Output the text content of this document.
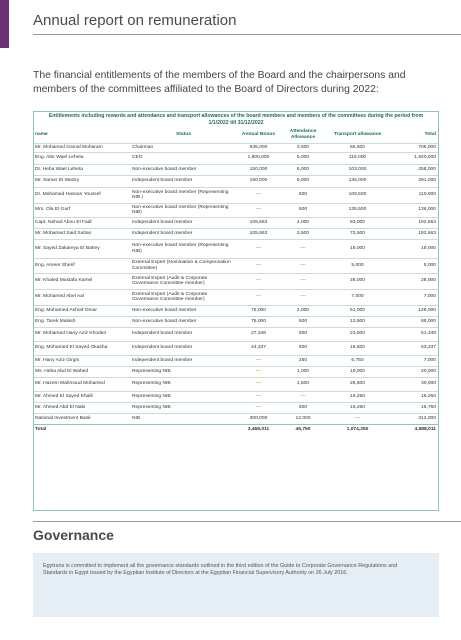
Annual report on remuneration

The financial entitlements of the members of the Board and the chairpersons and members of the committees affiliated to the Board of Directors during 2022:

Entitlements including rewards and attendance and transport allowances of the board members and members of the committees during the period from 1/1/2022 till 31/12/2022
name	Status	Annual Bonus	Attendance Allowance	Transport allowance	Total
Mr. Mohamed Gamal Moharam	Chairman	635,000	3,500	66,500	705,000
Eng. Abir Wael Leheta	CEO	1,800,000	5,000	115,000	1,920,000
Dr. Heba Wael Leheta	Non-executive board member	150,000	5,000	103,000	258,000
Mr. Samer El Waziry	Independent board member	150,000	5,000	136,000	291,000
Dr. Mohamed Hassan Youssef	Non-executive board member (Representing NIB )	—	500	109,500	110,000
Mrs. Ola El Garf	Non-executive board member (Representing NIB)	—	500	135,500	136,000
Capt. Nehad Abou El Fadl	Independent board member	105,663	4,000	83,000	192,663
Mr. Mohamed Said Sultan	Independent board member	105,663	3,500	73,500	182,663
Mr. Sayed Zakareya El Bahey	Non-executive board member (Representing NIB)	—	—	19,000	19,000
Eng. Ameer Sherif	External Expert (Nomination & Compensation Committee)	—	—	5,000	5,000
Mr. Khaled Mustafa Kamel	External Expert (Audit & Corporate Governance Committee member)	—	—	28,000	28,000
Mr. Mohamed Abel Aal	External Expert (Audit & Corporate Governance Committee member)	—	—	7,000	7,000
Eng. Mohamed Ashraf Omar	Non-executive board member	75,000	2,000	51,000	128,000
Eng. Tarek Malash	Non-executive board member	75,000	500	13,500	89,000
Mr. Mohamed Hany Aziz Khodeir	Independent board member	27,348	500	23,500	51,348
Eng. Mohamed El Sayed Okasha	Independent board member	44,337	500	18,500	63,337
Mr. Hany Aziz Girgis	Independent board member	—	250	6,750	7,000
Ms. Heba Abd El Wahed	Representing NIB	—	1,000	19,000	20,000
Mr. Hazem Mahmoud Mohamed	Representing NIB	—	1,500	28,500	30,000
Mr. Ahmed El Sayed Khalil	Representing NIB	—	—	16,250	16,250
Mr. Ahmed Abd El Nabi	Representing NIB	—	500	16,250	16,750
National Investment Bank	NIB	300,000	12,000	—	312,000
Total		3,468,011	45,750	1,074,250	4,588,011
Governance

Egytrans is committed to implement all the governance standards outlined in the third edition of the Guide to Corporate Governance Regulations and Standards in Egypt issued by the Egyptian Institute of Directors at the Egyptian Financial Supervisory Authority on 26 July 2016.
